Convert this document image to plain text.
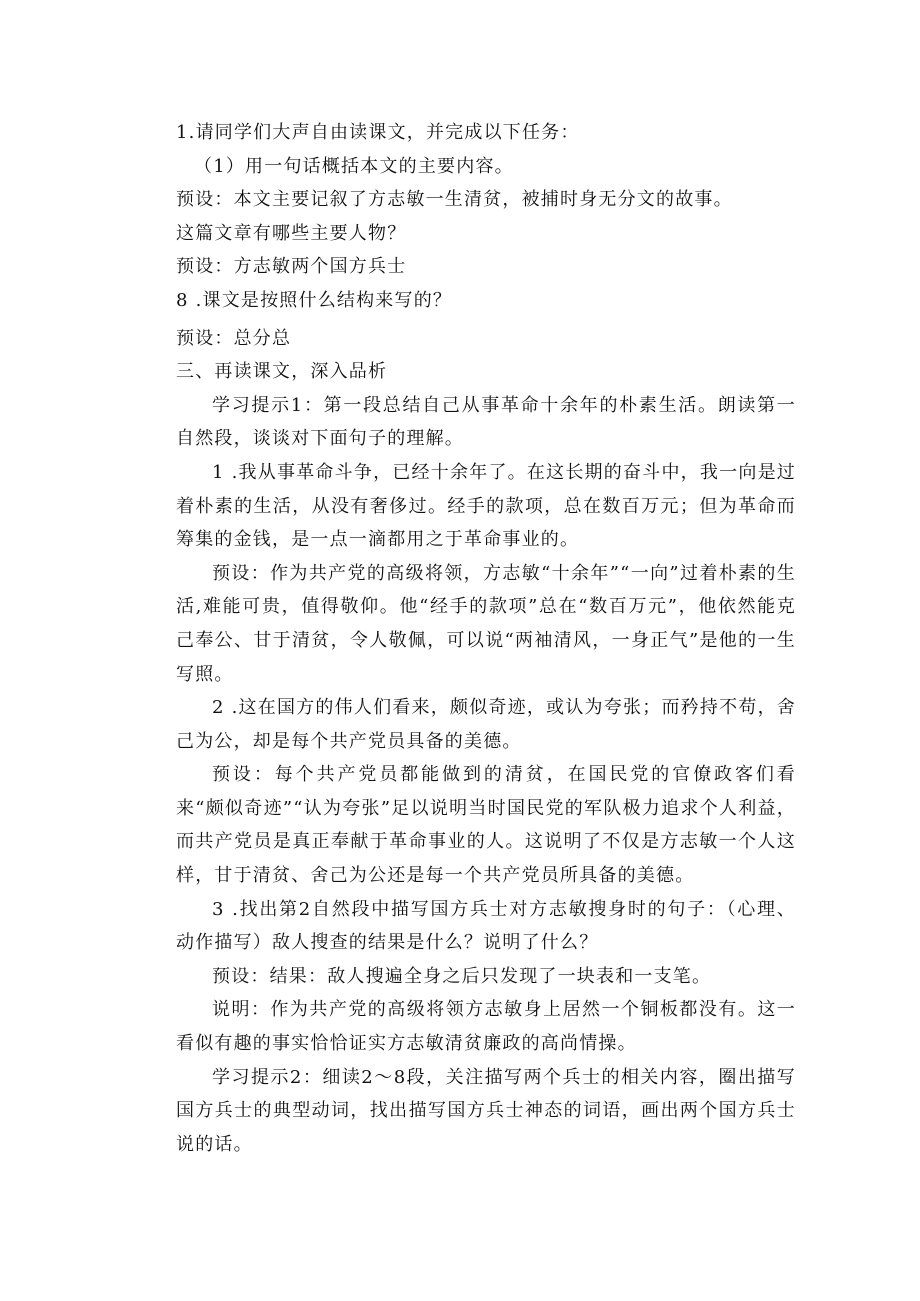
1.请同学们大声自由读课文，并完成以下任务：

（1）用一句话概括本文的主要内容。

预设：本文主要记叙了方志敏一生清贫，被捕时身无分文的故事。

这篇文章有哪些主要人物？

预设：方志敏两个国方兵士

8 .课文是按照什么结构来写的？

预设：总分总

三、再读课文，深入品析

学习提示1：第一段总结自己从事革命十余年的朴素生活。朗读第一自然段，谈谈对下面句子的理解。

1 .我从事革命斗争，已经十余年了。在这长期的奋斗中，我一向是过着朴素的生活，从没有奢侈过。经手的款项，总在数百万元；但为革命而筹集的金钱，是一点一滴都用之于革命事业的。

预设：作为共产党的高级将领，方志敏“十余年”“一向”过着朴素的生活,难能可贵，值得敬仰。他“经手的款项”总在“数百万元”，他依然能克己奉公、甘于清贫，令人敬佩，可以说“两袖清风，一身正气”是他的一生写照。

2 .这在国方的伟人们看来，颇似奇迹，或认为夸张；而矜持不苟，舍己为公，却是每个共产党员具备的美德。

预设：每个共产党员都能做到的清贫，在国民党的官僚政客们看来“颇似奇迹”“认为夸张”足以说明当时国民党的军队极力追求个人利益，而共产党员是真正奉献于革命事业的人。这说明了不仅是方志敏一个人这样，甘于清贫、舍己为公还是每一个共产党员所具备的美德。

3 .找出第2自然段中描写国方兵士对方志敏搜身时的句子：（心理、动作描写）敌人搜查的结果是什么？说明了什么？

预设：结果：敌人搜遍全身之后只发现了一块表和一支笔。

说明：作为共产党的高级将领方志敏身上居然一个铜板都没有。这一看似有趣的事实恰恰证实方志敏清贫廉政的高尚情操。

学习提示2：细读2～8段，关注描写两个兵士的相关内容，圈出描写国方兵士的典型动词，找出描写国方兵士神态的词语，画出两个国方兵士说的话。
